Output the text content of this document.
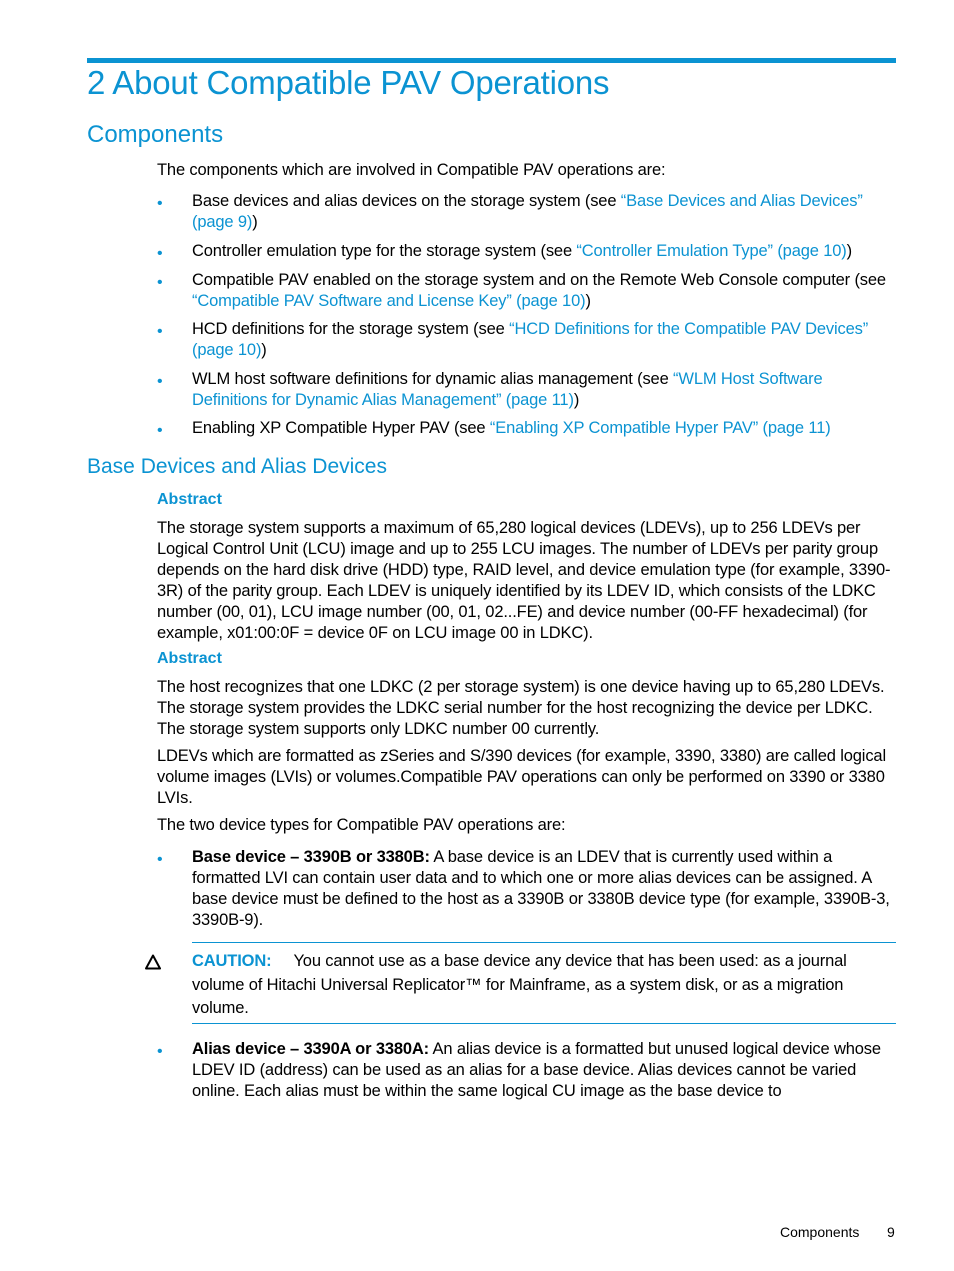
2 About Compatible PAV Operations
Components

The components which are involved in Compatible PAV operations are:

• Base devices and alias devices on the storage system (see “Base Devices and Alias Devices” (page 9))

• Controller emulation type for the storage system (see “Controller Emulation Type” (page 10))

• Compatible PAV enabled on the storage system and on the Remote Web Console computer (see “Compatible PAV Software and License Key” (page 10))

• HCD definitions for the storage system (see “HCD Definitions for the Compatible PAV Devices” (page 10))

• WLM host software definitions for dynamic alias management (see “WLM Host Software Definitions for Dynamic Alias Management” (page 11))

• Enabling XP Compatible Hyper PAV (see “Enabling XP Compatible Hyper PAV” (page 11)

Base Devices and Alias Devices
Abstract

The storage system supports a maximum of 65,280 logical devices (LDEVs), up to 256 LDEVs per Logical Control Unit (LCU) image and up to 255 LCU images. The number of LDEVs per parity group depends on the hard disk drive (HDD) type, RAID level, and device emulation type (for example, 3390-3R) of the parity group. Each LDEV is uniquely identified by its LDEV ID, which consists of the LDKC number (00, 01), LCU image number (00, 01, 02...FE) and device number (00-FF hexadecimal) (for example, x01:00:0F = device 0F on LCU image 00 in LDKC).

Abstract

The host recognizes that one LDKC (2 per storage system) is one device having up to 65,280 LDEVs. The storage system provides the LDKC serial number for the host recognizing the device per LDKC. The storage system supports only LDKC number 00 currently.

LDEVs which are formatted as zSeries and S/390 devices (for example, 3390, 3380) are called logical volume images (LVIs) or volumes.Compatible PAV operations can only be performed on 3390 or 3380 LVIs.

The two device types for Compatible PAV operations are:

• Base device – 3390B or 3380B: A base device is an LDEV that is currently used within a formatted LVI can contain user data and to which one or more alias devices can be assigned. A base device must be defined to the host as a 3390B or 3380B device type (for example, 3390B-3, 3390B-9).

CAUTION: You cannot use as a base device any device that has been used: as a journal volume of Hitachi Universal Replicator™ for Mainframe, as a system disk, or as a migration volume.

• Alias device – 3390A or 3380A: An alias device is a formatted but unused logical device whose LDEV ID (address) can be used as an alias for a base device. Alias devices cannot be varied online. Each alias must be within the same logical CU image as the base device to

Components 9
